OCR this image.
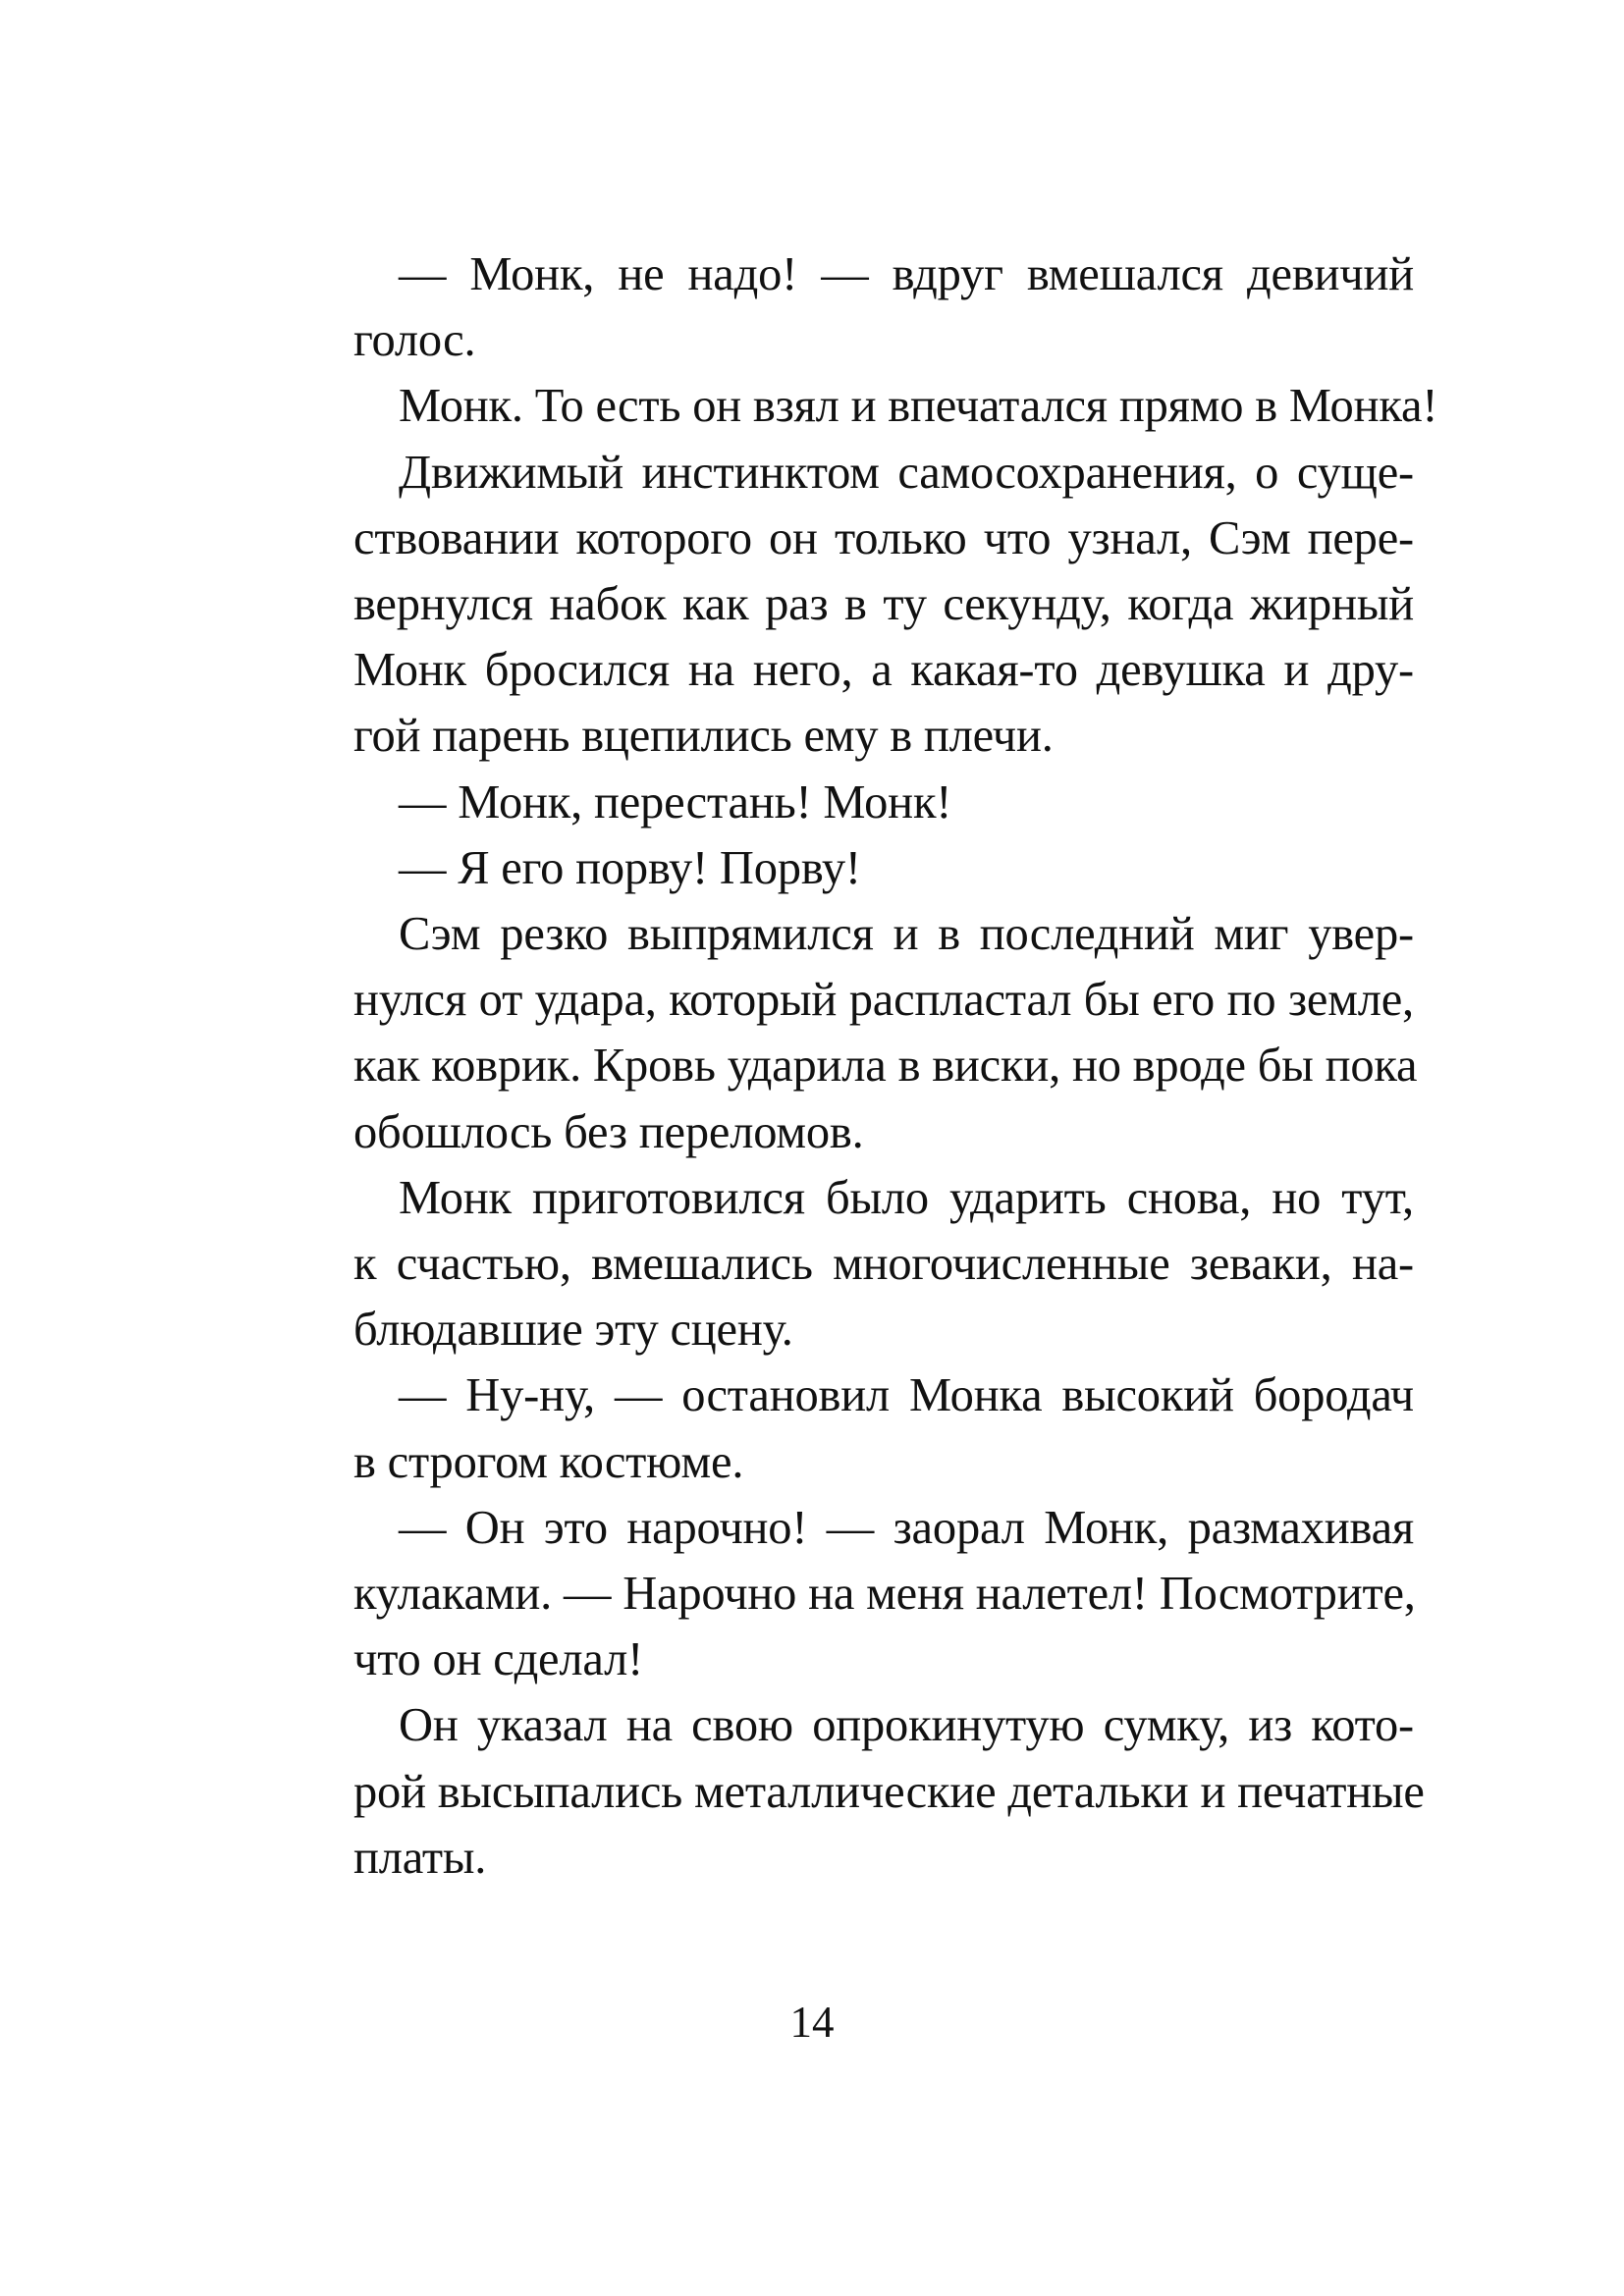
— Монк, не надо! — вдруг вмешался девичий
голос.
Монк. То есть он взял и впечатался прямо в Монка!
Движимый инстинктом самосохранения, о суще-
ствовании которого он только что узнал, Сэм пере-
вернулся набок как раз в ту секунду, когда жирный
Монк бросился на него, а какая-то девушка и дру-
гой парень вцепились ему в плечи.
— Монк, перестань! Монк!
— Я его порву! Порву!
Сэм резко выпрямился и в последний миг увер-
нулся от удара, который распластал бы его по земле,
как коврик. Кровь ударила в виски, но вроде бы пока
обошлось без переломов.
Монк приготовился было ударить снова, но тут,
к счастью, вмешались многочисленные зеваки, на-
блюдавшие эту сцену.
— Ну-ну, — остановил Монка высокий бородач
в строгом костюме.
— Он это нарочно! — заорал Монк, размахивая
кулаками. — Нарочно на меня налетел! Посмотрите,
что он сделал!
Он указал на свою опрокинутую сумку, из кото-
рой высыпались металлические детальки и печатные
платы.
14
